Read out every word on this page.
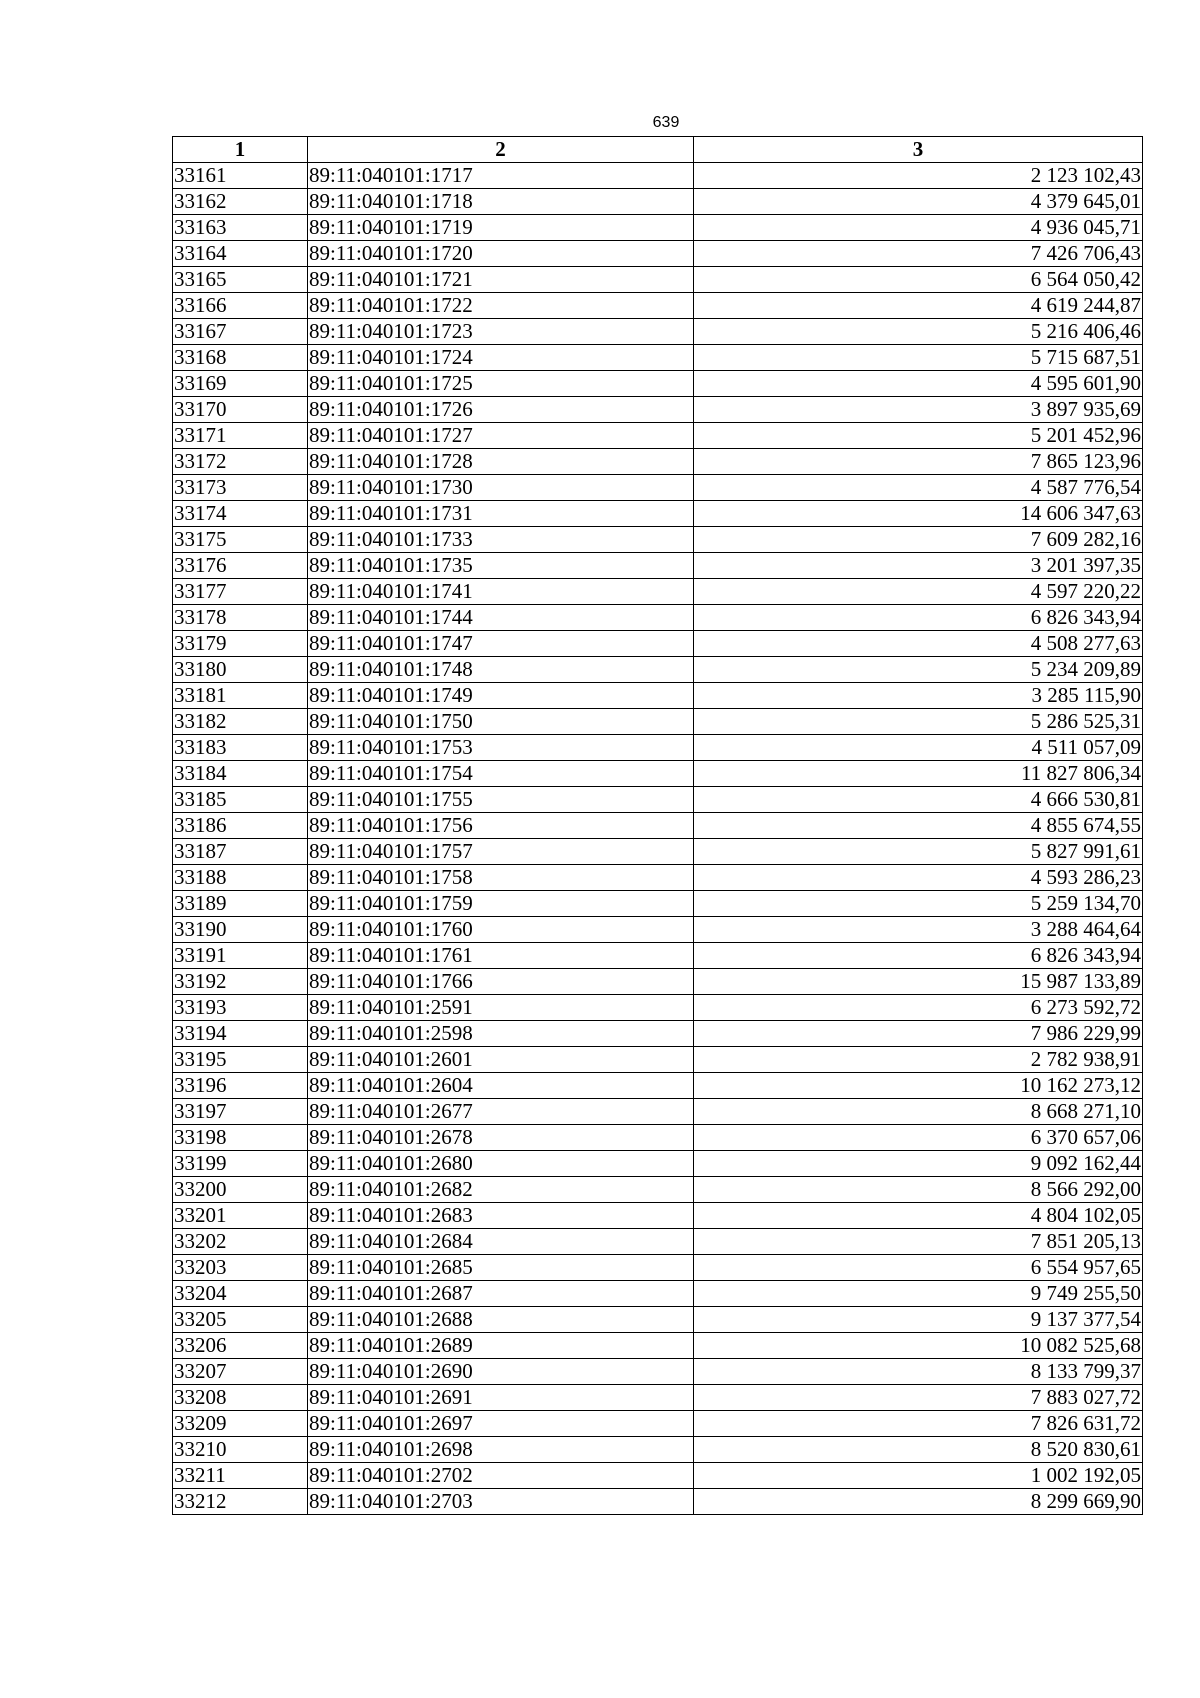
639
1	2	3
33161	89:11:040101:1717	2 123 102,43
33162	89:11:040101:1718	4 379 645,01
33163	89:11:040101:1719	4 936 045,71
33164	89:11:040101:1720	7 426 706,43
33165	89:11:040101:1721	6 564 050,42
33166	89:11:040101:1722	4 619 244,87
33167	89:11:040101:1723	5 216 406,46
33168	89:11:040101:1724	5 715 687,51
33169	89:11:040101:1725	4 595 601,90
33170	89:11:040101:1726	3 897 935,69
33171	89:11:040101:1727	5 201 452,96
33172	89:11:040101:1728	7 865 123,96
33173	89:11:040101:1730	4 587 776,54
33174	89:11:040101:1731	14 606 347,63
33175	89:11:040101:1733	7 609 282,16
33176	89:11:040101:1735	3 201 397,35
33177	89:11:040101:1741	4 597 220,22
33178	89:11:040101:1744	6 826 343,94
33179	89:11:040101:1747	4 508 277,63
33180	89:11:040101:1748	5 234 209,89
33181	89:11:040101:1749	3 285 115,90
33182	89:11:040101:1750	5 286 525,31
33183	89:11:040101:1753	4 511 057,09
33184	89:11:040101:1754	11 827 806,34
33185	89:11:040101:1755	4 666 530,81
33186	89:11:040101:1756	4 855 674,55
33187	89:11:040101:1757	5 827 991,61
33188	89:11:040101:1758	4 593 286,23
33189	89:11:040101:1759	5 259 134,70
33190	89:11:040101:1760	3 288 464,64
33191	89:11:040101:1761	6 826 343,94
33192	89:11:040101:1766	15 987 133,89
33193	89:11:040101:2591	6 273 592,72
33194	89:11:040101:2598	7 986 229,99
33195	89:11:040101:2601	2 782 938,91
33196	89:11:040101:2604	10 162 273,12
33197	89:11:040101:2677	8 668 271,10
33198	89:11:040101:2678	6 370 657,06
33199	89:11:040101:2680	9 092 162,44
33200	89:11:040101:2682	8 566 292,00
33201	89:11:040101:2683	4 804 102,05
33202	89:11:040101:2684	7 851 205,13
33203	89:11:040101:2685	6 554 957,65
33204	89:11:040101:2687	9 749 255,50
33205	89:11:040101:2688	9 137 377,54
33206	89:11:040101:2689	10 082 525,68
33207	89:11:040101:2690	8 133 799,37
33208	89:11:040101:2691	7 883 027,72
33209	89:11:040101:2697	7 826 631,72
33210	89:11:040101:2698	8 520 830,61
33211	89:11:040101:2702	1 002 192,05
33212	89:11:040101:2703	8 299 669,90
